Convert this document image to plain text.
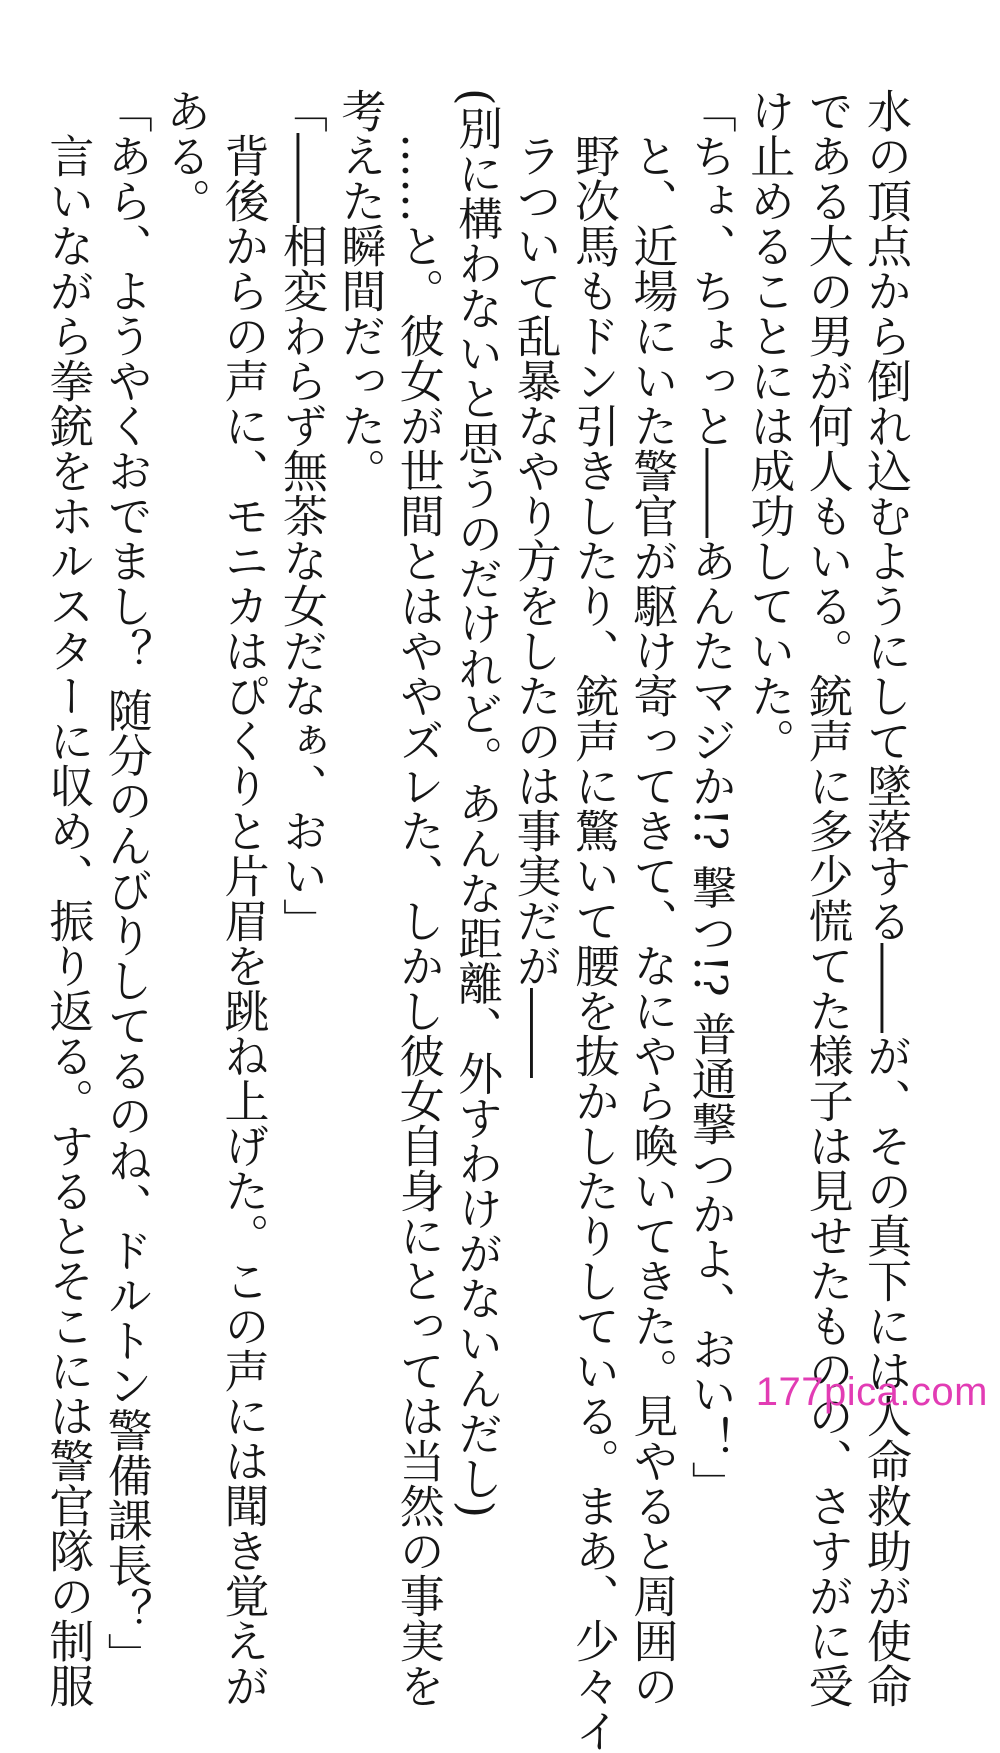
水の頂点から倒れ込むようにして墜落する――が、その真下には人命救助が使命
である大の男が何人もいる。銃声に多少慌てた様子は見せたものの、さすがに受
け止めることには成功していた。
「ちょ、ちょっと――あんたマジか!? 撃つ!? 普通撃つかよ、おい！」
と、近場にいた警官が駆け寄ってきて、なにやら喚いてきた。見やると周囲の
野次馬もドン引きしたり、銃声に驚いて腰を抜かしたりしている。まあ、少々イ
ラついて乱暴なやり方をしたのは事実だが――
(別に構わないと思うのだけれど。あんな距離、外すわけがないんだし)
……と。彼女が世間とはややズレた、しかし彼女自身にとっては当然の事実を
考えた瞬間だった。
「――相変わらず無茶な女だなぁ、おい」
背後からの声に、モニカはぴくりと片眉を跳ね上げた。この声には聞き覚えが
ある。
「あら、ようやくおでまし？ 随分のんびりしてるのね、ドルトン警備課長？」
言いながら拳銃をホルスターに収め、振り返る。するとそこには警官隊の制服	177pica.com
